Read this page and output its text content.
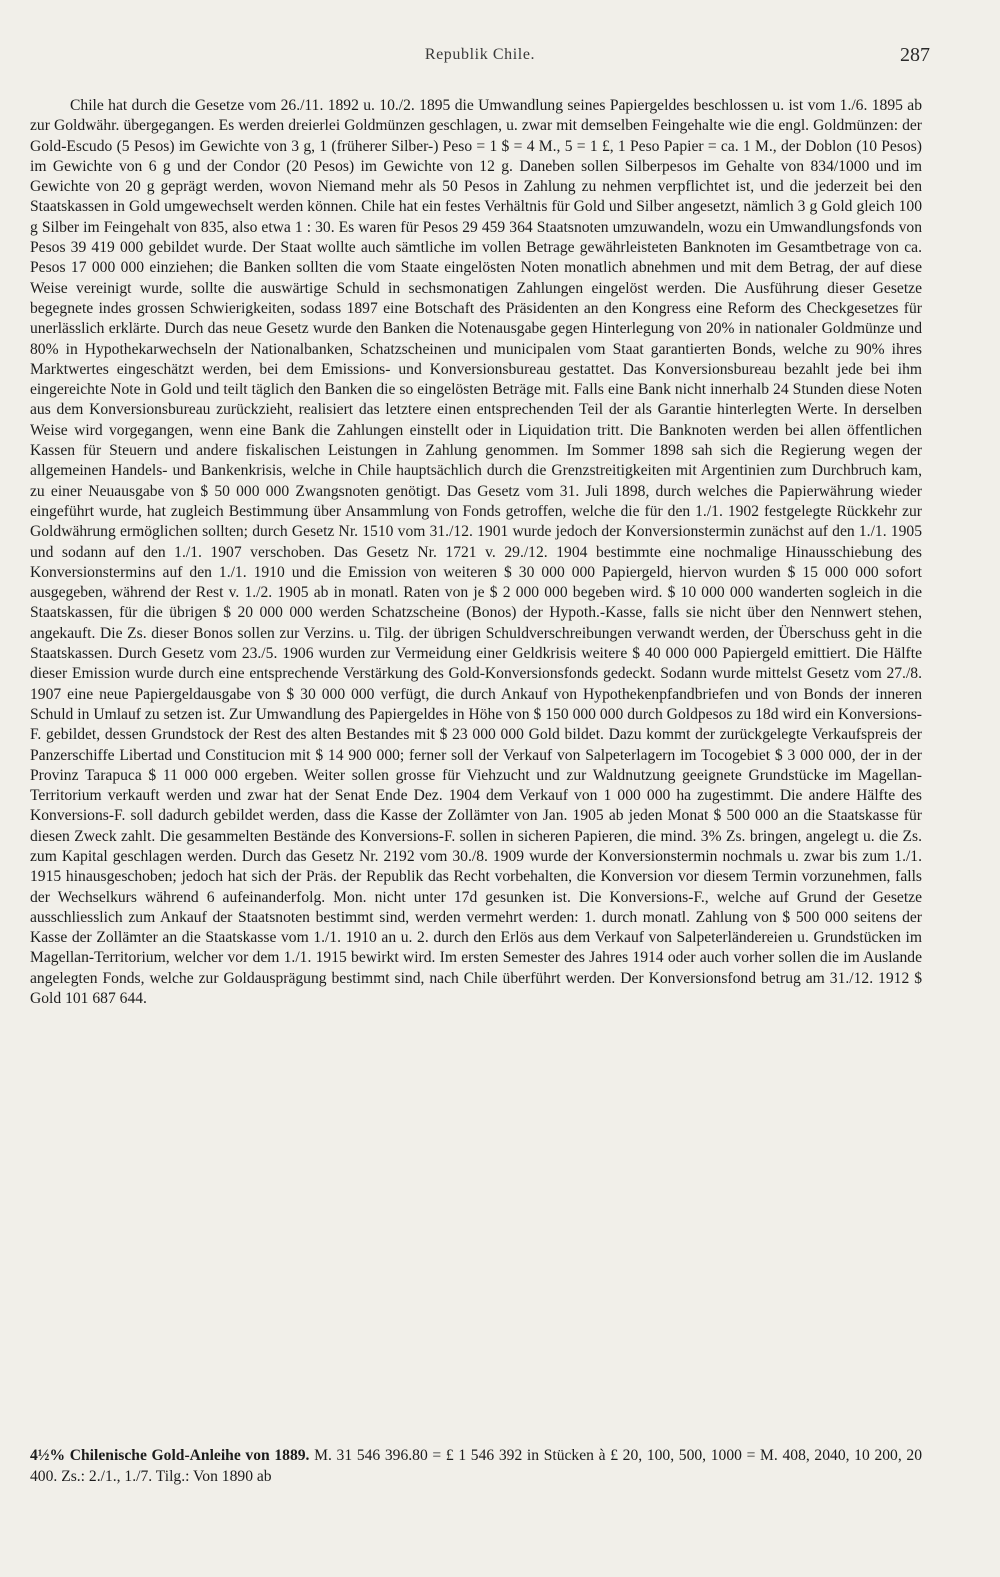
Republik Chile.	287

Chile hat durch die Gesetze vom 26./11. 1892 u. 10./2. 1895 die Umwandlung seines Papiergeldes beschlossen u. ist vom 1./6. 1895 ab zur Goldwähr. übergegangen. Es werden dreierlei Goldmünzen geschlagen, u. zwar mit demselben Feingehalte wie die engl. Goldmünzen: der Gold-Escudo (5 Pesos) im Gewichte von 3 g, 1 (früherer Silber-) Peso = 1 $ = 4 M., 5 = 1 £, 1 Peso Papier = ca. 1 M., der Doblon (10 Pesos) im Gewichte von 6 g und der Condor (20 Pesos) im Gewichte von 12 g. Daneben sollen Silberpesos im Gehalte von 834/1000 und im Gewichte von 20 g geprägt werden, wovon Niemand mehr als 50 Pesos in Zahlung zu nehmen verpflichtet ist, und die jederzeit bei den Staatskassen in Gold umgewechselt werden können. Chile hat ein festes Verhältnis für Gold und Silber angesetzt, nämlich 3 g Gold gleich 100 g Silber im Feingehalt von 835, also etwa 1 : 30. Es waren für Pesos 29 459 364 Staatsnoten umzuwandeln, wozu ein Umwandlungsfonds von Pesos 39 419 000 gebildet wurde. Der Staat wollte auch sämtliche im vollen Betrage gewährleisteten Banknoten im Gesamtbetrage von ca. Pesos 17 000 000 einziehen; die Banken sollten die vom Staate eingelösten Noten monatlich abnehmen und mit dem Betrag, der auf diese Weise vereinigt wurde, sollte die auswärtige Schuld in sechsmonatigen Zahlungen eingelöst werden. Die Ausführung dieser Gesetze begegnete indes grossen Schwierigkeiten, sodass 1897 eine Botschaft des Präsidenten an den Kongress eine Reform des Checkgesetzes für unerlässlich erklärte. Durch das neue Gesetz wurde den Banken die Notenausgabe gegen Hinterlegung von 20% in nationaler Goldmünze und 80% in Hypothekarwechseln der Nationalbanken, Schatzscheinen und municipalen vom Staat garantierten Bonds, welche zu 90% ihres Marktwertes eingeschätzt werden, bei dem Emissions- und Konversionsbureau gestattet. Das Konversionsbureau bezahlt jede bei ihm eingereichte Note in Gold und teilt täglich den Banken die so eingelösten Beträge mit. Falls eine Bank nicht innerhalb 24 Stunden diese Noten aus dem Konversionsbureau zurückzieht, realisiert das letztere einen entsprechenden Teil der als Garantie hinterlegten Werte. In derselben Weise wird vorgegangen, wenn eine Bank die Zahlungen einstellt oder in Liquidation tritt. Die Banknoten werden bei allen öffentlichen Kassen für Steuern und andere fiskalischen Leistungen in Zahlung genommen. Im Sommer 1898 sah sich die Regierung wegen der allgemeinen Handels- und Bankenkrisis, welche in Chile hauptsächlich durch die Grenzstreitigkeiten mit Argentinien zum Durchbruch kam, zu einer Neuausgabe von $ 50 000 000 Zwangsnoten genötigt. Das Gesetz vom 31. Juli 1898, durch welches die Papierwährung wieder eingeführt wurde, hat zugleich Bestimmung über Ansammlung von Fonds getroffen, welche die für den 1./1. 1902 festgelegte Rückkehr zur Goldwährung ermöglichen sollten; durch Gesetz Nr. 1510 vom 31./12. 1901 wurde jedoch der Konversionstermin zunächst auf den 1./1. 1905 und sodann auf den 1./1. 1907 verschoben. Das Gesetz Nr. 1721 v. 29./12. 1904 bestimmte eine nochmalige Hinausschiebung des Konversionstermins auf den 1./1. 1910 und die Emission von weiteren $ 30 000 000 Papiergeld, hiervon wurden $ 15 000 000 sofort ausgegeben, während der Rest v. 1./2. 1905 ab in monatl. Raten von je $ 2 000 000 begeben wird. $ 10 000 000 wanderten sogleich in die Staatskassen, für die übrigen $ 20 000 000 werden Schatzscheine (Bonos) der Hypoth.-Kasse, falls sie nicht über den Nennwert stehen, angekauft. Die Zs. dieser Bonos sollen zur Verzins. u. Tilg. der übrigen Schuldverschreibungen verwandt werden, der Überschuss geht in die Staatskassen. Durch Gesetz vom 23./5. 1906 wurden zur Vermeidung einer Geldkrisis weitere $ 40 000 000 Papiergeld emittiert. Die Hälfte dieser Emission wurde durch eine entsprechende Verstärkung des Gold-Konversionsfonds gedeckt. Sodann wurde mittelst Gesetz vom 27./8. 1907 eine neue Papiergeldausgabe von $ 30 000 000 verfügt, die durch Ankauf von Hypothekenpfandbriefen und von Bonds der inneren Schuld in Umlauf zu setzen ist. Zur Umwandlung des Papiergeldes in Höhe von $ 150 000 000 durch Goldpesos zu 18d wird ein Konversions-F. gebildet, dessen Grundstock der Rest des alten Bestandes mit $ 23 000 000 Gold bildet. Dazu kommt der zurückgelegte Verkaufspreis der Panzerschiffe Libertad und Constitucion mit $ 14 900 000; ferner soll der Verkauf von Salpeterlagern im Tocogebiet $ 3 000 000, der in der Provinz Tarapuca $ 11 000 000 ergeben. Weiter sollen grosse für Viehzucht und zur Waldnutzung geeignete Grundstücke im Magellan-Territorium verkauft werden und zwar hat der Senat Ende Dez. 1904 dem Verkauf von 1 000 000 ha zugestimmt. Die andere Hälfte des Konversions-F. soll dadurch gebildet werden, dass die Kasse der Zollämter von Jan. 1905 ab jeden Monat $ 500 000 an die Staatskasse für diesen Zweck zahlt. Die gesammelten Bestände des Konversions-F. sollen in sicheren Papieren, die mind. 3% Zs. bringen, angelegt u. die Zs. zum Kapital geschlagen werden. Durch das Gesetz Nr. 2192 vom 30./8. 1909 wurde der Konversionstermin nochmals u. zwar bis zum 1./1. 1915 hinausgeschoben; jedoch hat sich der Präs. der Republik das Recht vorbehalten, die Konversion vor diesem Termin vorzunehmen, falls der Wechselkurs während 6 aufeinanderfolg. Mon. nicht unter 17d gesunken ist. Die Konversions-F., welche auf Grund der Gesetze ausschliesslich zum Ankauf der Staatsnoten bestimmt sind, werden vermehrt werden: 1. durch monatl. Zahlung von $ 500 000 seitens der Kasse der Zollämter an die Staatskasse vom 1./1. 1910 an u. 2. durch den Erlös aus dem Verkauf von Salpeterländereien u. Grundstücken im Magellan-Territorium, welcher vor dem 1./1. 1915 bewirkt wird. Im ersten Semester des Jahres 1914 oder auch vorher sollen die im Auslande angelegten Fonds, welche zur Goldausprägung bestimmt sind, nach Chile überführt werden. Der Konversionsfond betrug am 31./12. 1912 $ Gold 101 687 644.

4½% Chilenische Gold-Anleihe von 1889. M. 31 546 396.80 = £ 1 546 392 in Stücken à £ 20, 100, 500, 1000 = M. 408, 2040, 10 200, 20 400. Zs.: 2./1., 1./7. Tilg.: Von 1890 ab
